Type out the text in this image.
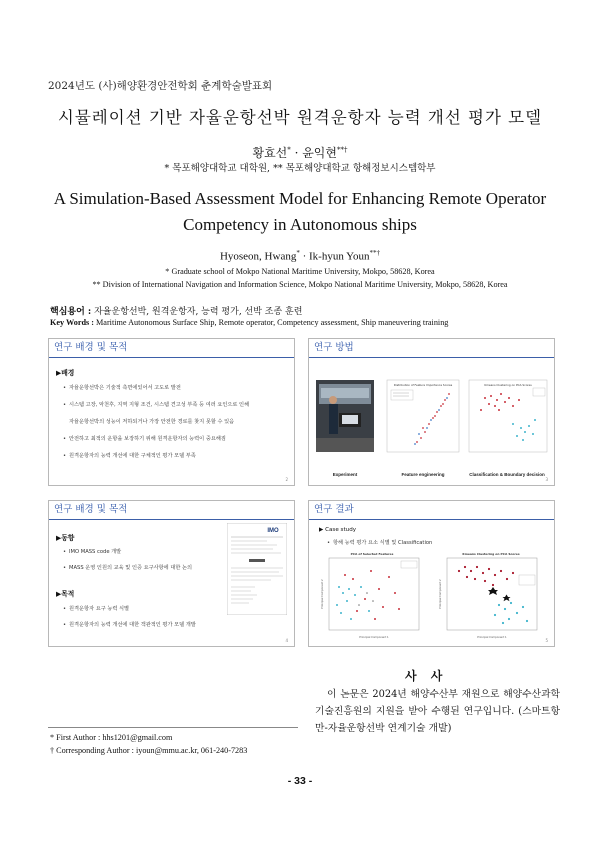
2024년도 (사)해양환경안전학회 춘계학술발표회
시뮬레이션 기반 자율운항선박 원격운항자 능력 개선 평가 모델
황효선* · 윤익현**†
* 목포해양대학교 대학원, ** 목포해양대학교 항해정보시스템학부
A Simulation-Based Assessment Model for Enhancing Remote Operator Competency in Autonomous ships
Hyoseon, Hwang* · Ik-hyun Youn**†
* Graduate school of Mokpo National Maritime University, Mokpo, 58628, Korea
** Division of International Navigation and Information Science, Mokpo National Maritime University, Mokpo, 58628, Korea
핵심용어 : 자율운항선박, 원격운항자, 능력 평가, 선박 조종 훈련
Key Words : Maritime Autonomous Surface Ship, Remote operator, Competency assessment, Ship maneuvering training
연구 배경 및 목적
▶배경
• 자율운항선박은 기술적 측면에있어서 고도로 발전
• 시스템 고장, 악천후, 지역 지형 조건, 시스템 견고성 부족 등 여러 요인으로 인해
자율운항선박의 성능이 저하되거나 가장 안전한 경로를 찾지 못할 수 있음
• 안전하고 최적의 운항을 보장하기 위해 원격운항자의 능력이 중요해짐
• 원격운항자의 능력 개선에 대한 구체적인 평가 모델 부족
2
연구 방법
Distribution of Feature Importance Scores	Kmeans Clustering on PCA Scores
Experiment	Feature engineering	Classification & Boundary decision
3
연구 배경 및 목적
▶동향
• IMO MASS code 개발
• MASS 운영 인원의 교육 및 인증 요구사항에 대한 논의
▶목적
• 원격운항자 요구 능력 식별
• 원격운항자의 능력 개선에 대한 객관적인 평가 모델 개발
IMO
4
연구 결과
▶ Case study
• 항해 능력 평가 요소 식별 및 Classification
PCA of Selected Features
Principal Component 1
Principal Component 2
Kmeans Clustering on PCA Scores
Principal Component 1
Principal Component 2
5
사 사
이 논문은 2024년 해양수산부 재원으로 해양수산과학기술진흥원의 지원을 받아 수행된 연구입니다. (스마트항만-자율운항선박 연계기술 개발)
* First Author : hhs1201@gmail.com
† Corresponding Author : iyoun@mmu.ac.kr, 061-240-7283
- 33 -
